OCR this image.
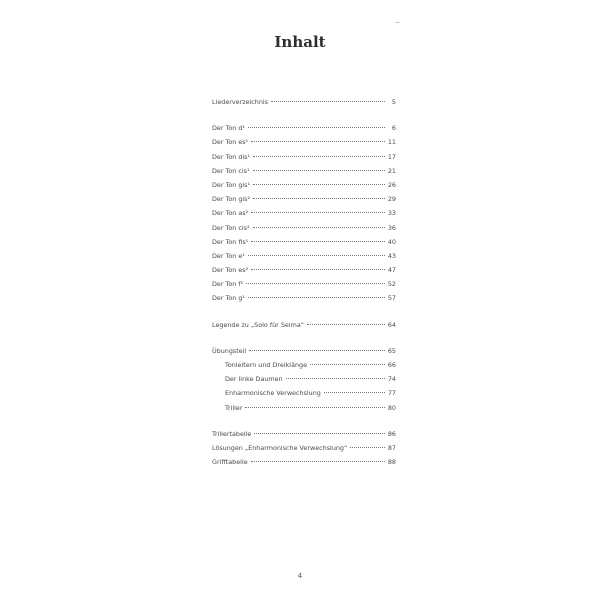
Inhalt
Liederverzeichnis	5
Der Ton d¹	6
Der Ton es¹	11
Der Ton dis¹	17
Der Ton cis¹	21
Der Ton gis¹	26
Der Ton gis²	29
Der Ton as²	33
Der Ton cis²	36
Der Ton fis¹	40
Der Ton e¹	43
Der Ton es²	47
Der Ton f¹	52
Der Ton g¹	57
Legende zu „Solo für Selma“	64
Übungsteil	65
Tonleitern und Dreiklänge	66
Der linke Daumen	74
Enharmonische Verwechslung	77
Triller	80
Trillertabelle	86
Lösungen „Enharmonische Verwechslung“	87
Grifftabelle	88
4
